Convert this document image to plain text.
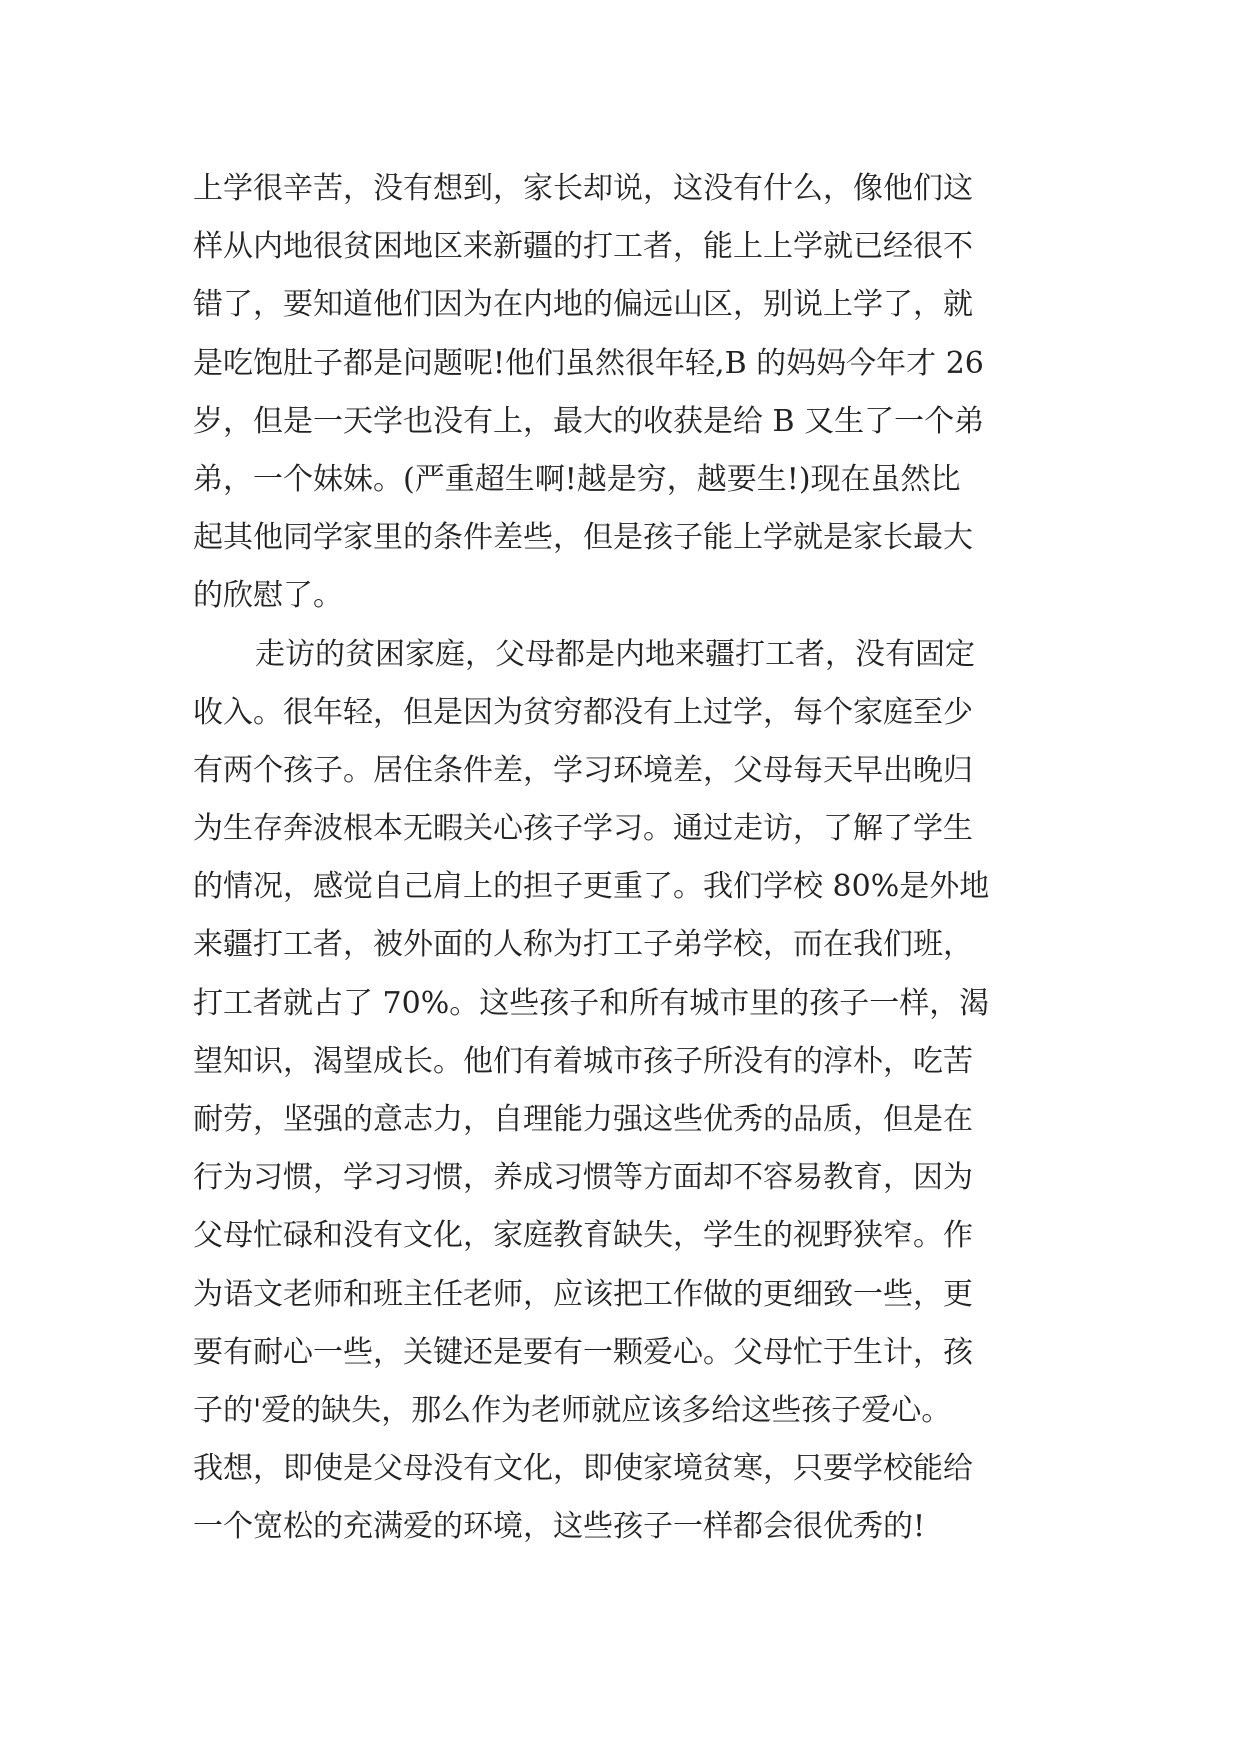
上学很辛苦，没有想到，家长却说，这没有什么，像他们这
样从内地很贫困地区来新疆的打工者，能上上学就已经很不
错了，要知道他们因为在内地的偏远山区，别说上学了，就
是吃饱肚子都是问题呢!他们虽然很年轻,B 的妈妈今年才 26
岁，但是一天学也没有上，最大的收获是给 B 又生了一个弟
弟，一个妹妹。(严重超生啊!越是穷，越要生!)现在虽然比
起其他同学家里的条件差些，但是孩子能上学就是家长最大
的欣慰了。
走访的贫困家庭，父母都是内地来疆打工者，没有固定
收入。很年轻，但是因为贫穷都没有上过学，每个家庭至少
有两个孩子。居住条件差，学习环境差，父母每天早出晚归
为生存奔波根本无暇关心孩子学习。通过走访，了解了学生
的情况，感觉自己肩上的担子更重了。我们学校 80%是外地
来疆打工者，被外面的人称为打工子弟学校，而在我们班，
打工者就占了 70%。这些孩子和所有城市里的孩子一样，渴
望知识，渴望成长。他们有着城市孩子所没有的淳朴，吃苦
耐劳，坚强的意志力，自理能力强这些优秀的品质，但是在
行为习惯，学习习惯，养成习惯等方面却不容易教育，因为
父母忙碌和没有文化，家庭教育缺失，学生的视野狭窄。作
为语文老师和班主任老师，应该把工作做的更细致一些，更
要有耐心一些，关键还是要有一颗爱心。父母忙于生计，孩
子的'爱的缺失，那么作为老师就应该多给这些孩子爱心。
我想，即使是父母没有文化，即使家境贫寒，只要学校能给
一个宽松的充满爱的环境，这些孩子一样都会很优秀的!
